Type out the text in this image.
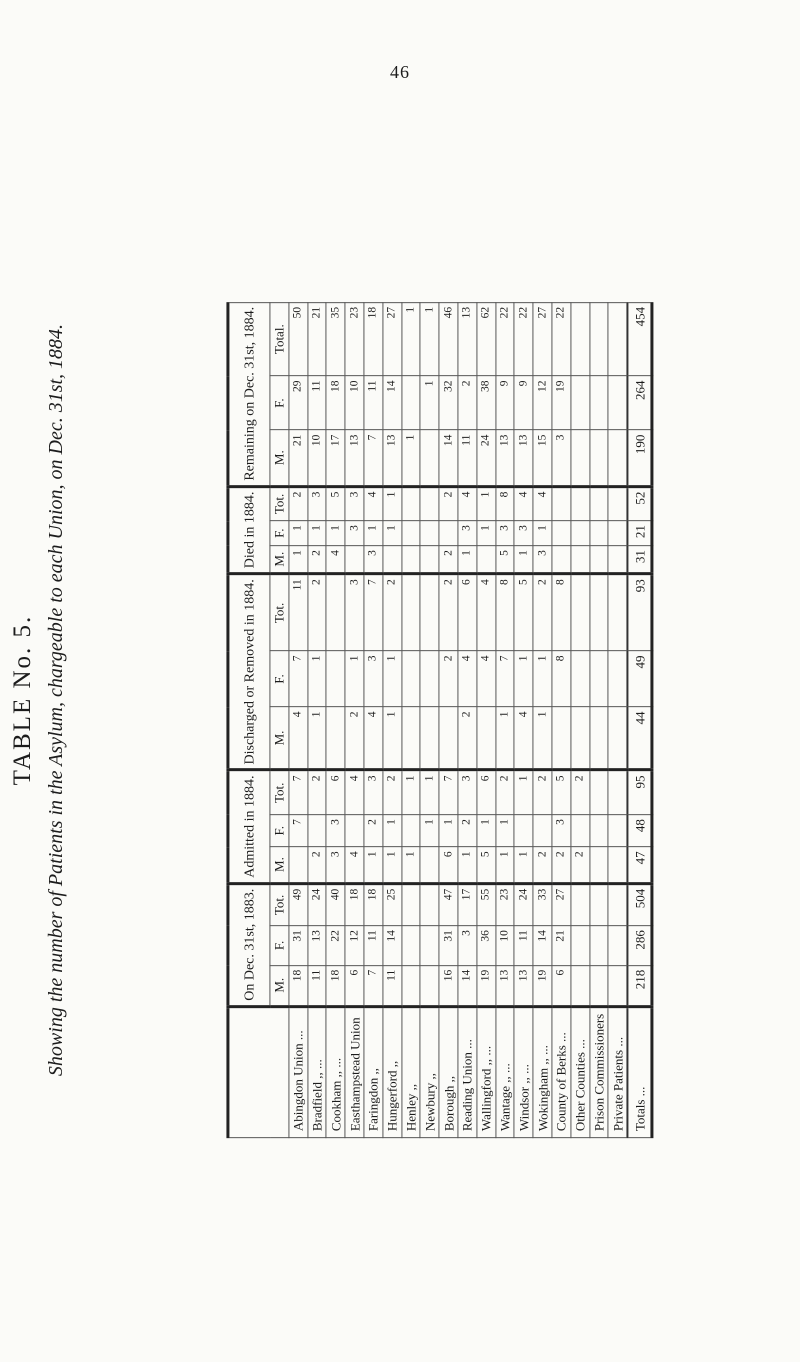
46
TABLE No. 5. Showing the number of Patients in the Asylum, chargeable to each Union, on Dec. 31st, 1884.
		On Dec. 31st, 1883.			Admitted in 1884.			Discharged or Removed in 1884.			Died in 1884.			Remaining on Dec. 31st, 1884.		
	M.	F.	Tot.	M.	F.	Tot.	M.	F.	Tot.	M.	F.	Tot.	M.	F.	Total.
Abingdon Union ...	18	31	49		7	7	4	7	11	1	1	2	21	29	50
Bradfield ,, ...	11	13	24	2		2	1	1	2	2	1	3	10	11	21
Cookham ,, ...	18	22	40	3	3	6				4	1	5	17	18	35
Easthampstead Union	6	12	18	4		4	2	1	3		3	3	13	10	23
Faringdon ,,	7	11	18	1	2	3	4	3	7	3	1	4	7	11	18
Hungerford ,,	11	14	25	1	1	2	1	1	2		1	1	13	14	27
Henley ,,				1		1							1		1
Newbury ,,					1	1								1	1
Borough ,,	16	31	47	6	1	7		2	2	2		2	14	32	46
Reading Union ...	14	3	17	1	2	3	2	4	6	1	3	4	11	2	13
Wallingford ,, ...	19	36	55	5	1	6		4	4		1	1	24	38	62
Wantage ,, ...	13	10	23	1	1	2	1	7	8	5	3	8	13	9	22
Windsor ,, ...	13	11	24	1		1	4	1	5	1	3	4	13	9	22
Wokingham ,, ...	19	14	33	2		2	1	1	2	3	1	4	15	12	27
County of Berks ...	6	21	27	2	3	5		8	8				3	19	22
Other Counties ...				2		2									
Prison Commissioners															
Private Patients ...															
Totals ...	218	286	504	47	48	95	44	49	93	31	21	52	190	264	454
